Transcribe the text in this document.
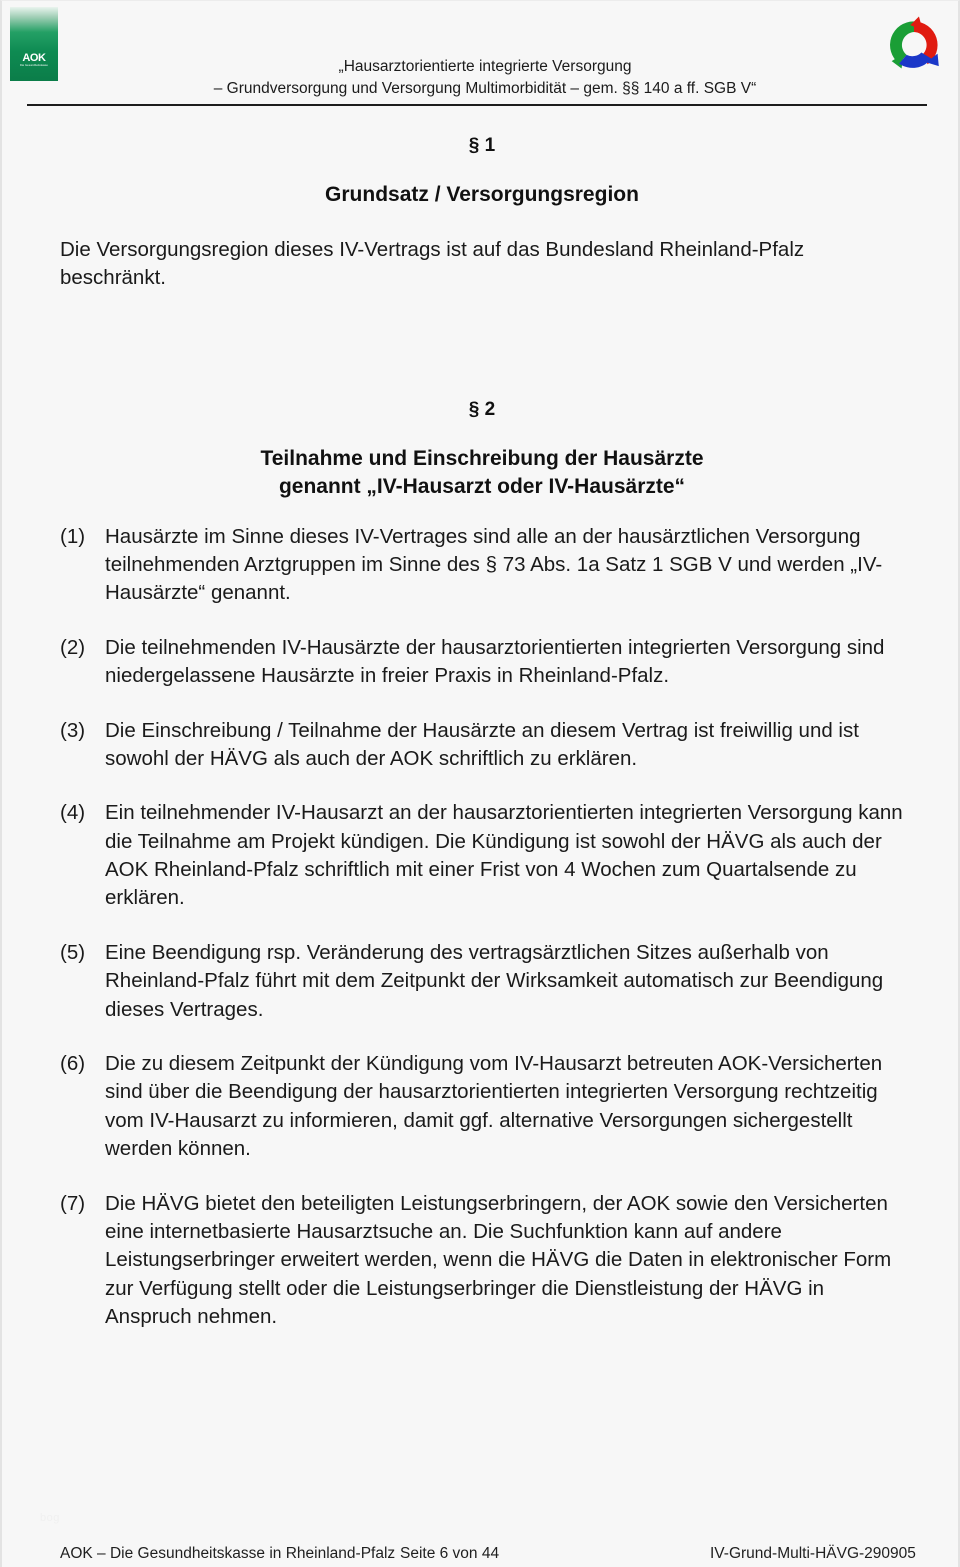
AOK
Die Gesundheitskasse	„Hausarztorientierte integrierte Versorgung
– Grundversorgung und Versorgung Multimorbidität – gem. §§ 140 a ff. SGB V“
§ 1
Grundsatz / Versorgungsregion

Die Versorgungsregion dieses IV-Vertrags ist auf das Bundesland Rheinland-Pfalz beschränkt.

§ 2
Teilnahme und Einschreibung der Hausärzte
genannt „IV-Hausarzt oder IV-Hausärzte“
(1) Hausärzte im Sinne dieses IV-Vertrages sind alle an der hausärztlichen Versorgung teilnehmenden Arztgruppen im Sinne des § 73 Abs. 1a Satz 1 SGB V und werden „IV-Hausärzte“ genannt.
(2) Die teilnehmenden IV-Hausärzte der hausarztorientierten integrierten Versorgung sind niedergelassene Hausärzte in freier Praxis in Rheinland-Pfalz.
(3) Die Einschreibung / Teilnahme der Hausärzte an diesem Vertrag ist freiwillig und ist sowohl der HÄVG als auch der AOK schriftlich zu erklären.
(4) Ein teilnehmender IV-Hausarzt an der hausarztorientierten integrierten Versorgung kann die Teilnahme am Projekt kündigen. Die Kündigung ist sowohl der HÄVG als auch der AOK Rheinland-Pfalz schriftlich mit einer Frist von 4 Wochen zum Quartalsende zu erklären.
(5) Eine Beendigung rsp. Veränderung des vertragsärztlichen Sitzes außerhalb von Rheinland-Pfalz führt mit dem Zeitpunkt der Wirksamkeit automatisch zur Beendigung dieses Vertrages.
(6) Die zu diesem Zeitpunkt der Kündigung vom IV-Hausarzt betreuten AOK-Versicherten sind über die Beendigung der hausarztorientierten integrierten Versorgung rechtzeitig vom IV-Hausarzt zu informieren, damit ggf. alternative Versorgungen sichergestellt werden können.
(7) Die HÄVG bietet den beteiligten Leistungserbringern, der AOK sowie den Versicherten eine internetbasierte Hausarztsuche an. Die Suchfunktion kann auf andere Leistungserbringer erweitert werden, wenn die HÄVG die Daten in elektronischer Form zur Verfügung stellt oder die Leistungserbringer die Dienstleistung der HÄVG in Anspruch nehmen.
bog
AOK – Die Gesundheitskasse in Rheinland-Pfalz Seite 6 von 44	IV-Grund-Multi-HÄVG-290905
